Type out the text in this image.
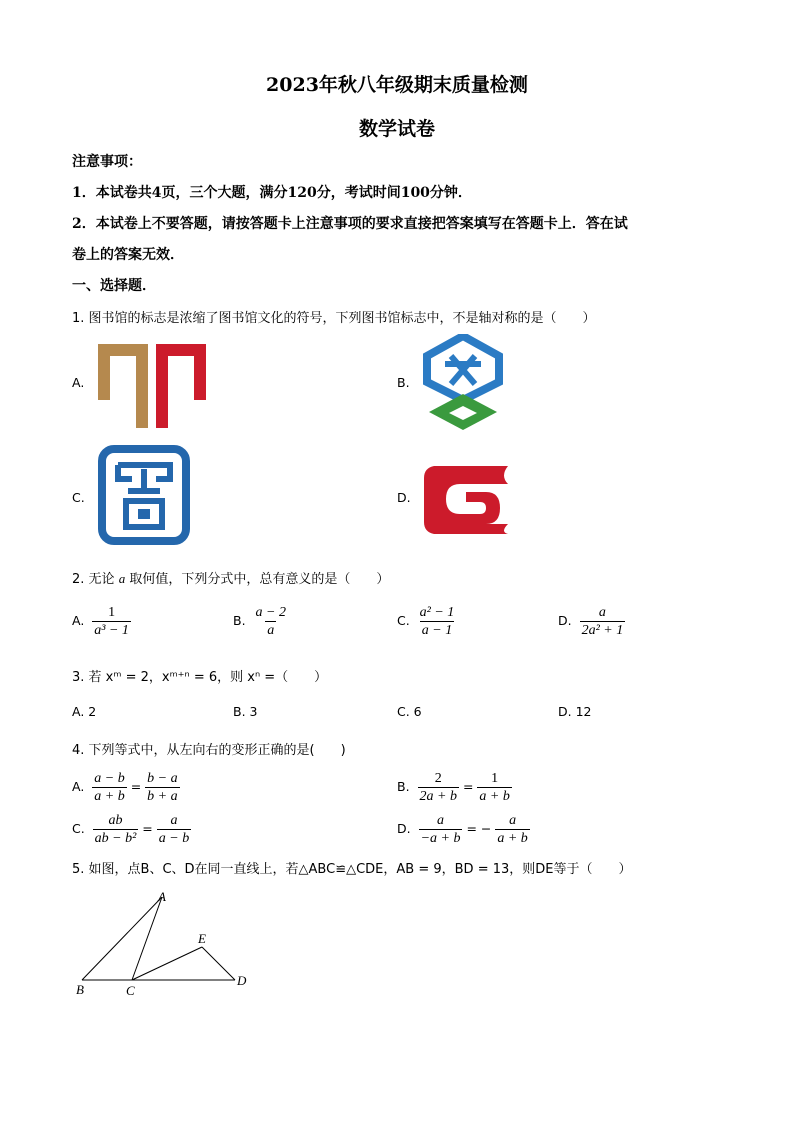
2023年秋八年级期末质量检测
数学试卷
注意事项：
1．本试卷共4页，三个大题，满分120分，考试时间100分钟．
2．本试卷上不要答题，请按答题卡上注意事项的要求直接把答案填写在答题卡上．答在试
卷上的答案无效．
一、选择题．
1. 图书馆的标志是浓缩了图书馆文化的符号，下列图书馆标志中，不是轴对称的是（　　）
A.	B.
C.	D.
2. 无论 a 取何值，下列分式中，总有意义的是（　　）
A. $\frac{1}{\text{a³ − 1}}$	B. $\frac{a - 2}{a}$	C. $\frac{\text{a² − 1}}{a - 1}$	D. $\frac{a}{\text{2a² + 1}}$
3. 若 xᵐ = 2，xᵐ⁺ⁿ = 6，则 xⁿ =（　　）
A. 2	B. 3	C. 6	D. 12
4. 下列等式中，从左向右的变形正确的是(　　)
A. $\frac{a - b}{a + b} = \frac{b - a}{b + a}$	B. $\frac{2}{2a + b} = \frac{1}{a + b}$
C. $\frac{ab}{\text{ab − b²}} = \frac{a}{a - b}$	D. $\frac{a}{-a + b}$ = − $\frac{a}{a + b}$
5. 如图，点B、C、D在同一直线上，若△ABC≌△CDE，AB = 9，BD = 13，则DE等于（　　）
A
B	C
D
E
